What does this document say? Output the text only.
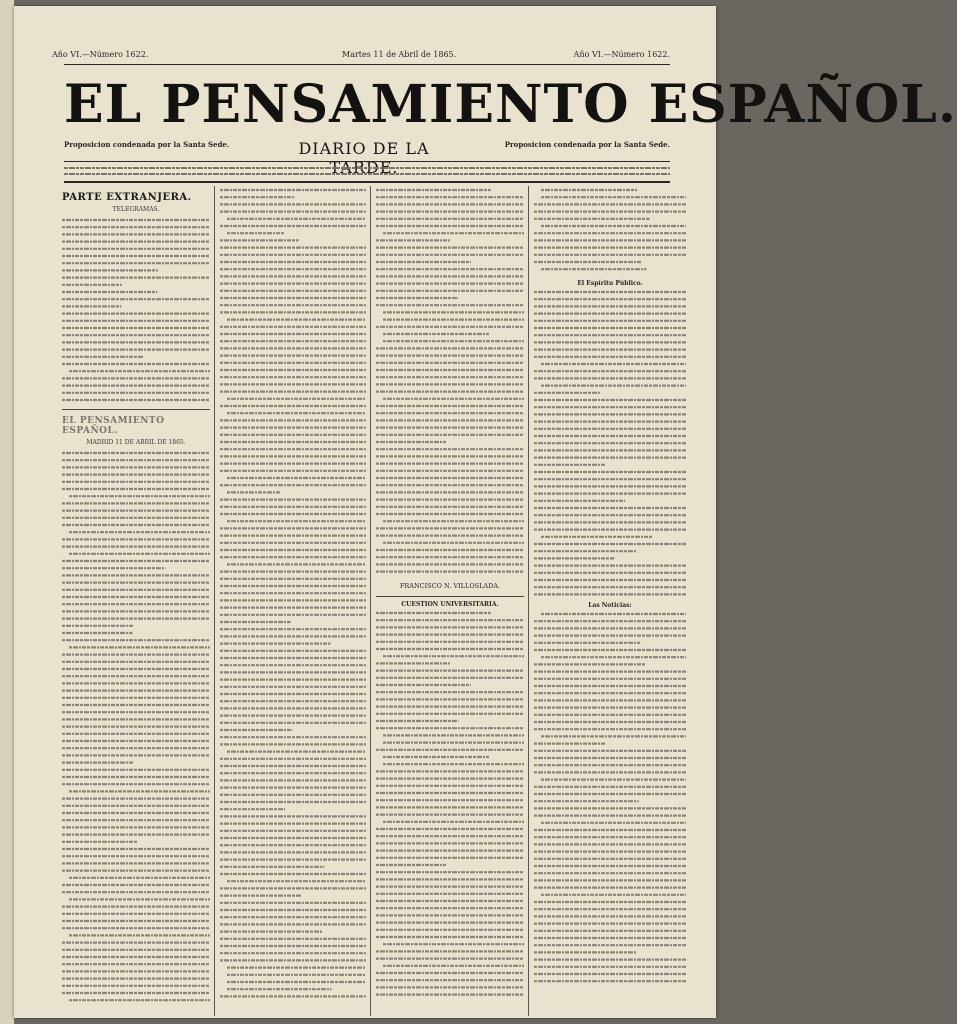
Año VI.—Número 1622.	Martes 11 de Abril de 1865.	Año VI.—Número 1622.
EL PENSAMIENTO ESPAÑOL.
Proposicion condenada por la Santa Sede.	DIARIO DE LA TARDE.
Proposicion condenada por la Santa Sede.
PARTE EXTRANJERA.
TELEGRAMAS.
EL PENSAMIENTO ESPAÑOL.
MADRID 11 DE ABRIL DE 1865.
FRANCISCO N. VILLOSLADA.
CUESTION UNIVERSITARIA.
El Espíritu Público.
Las Noticias:
